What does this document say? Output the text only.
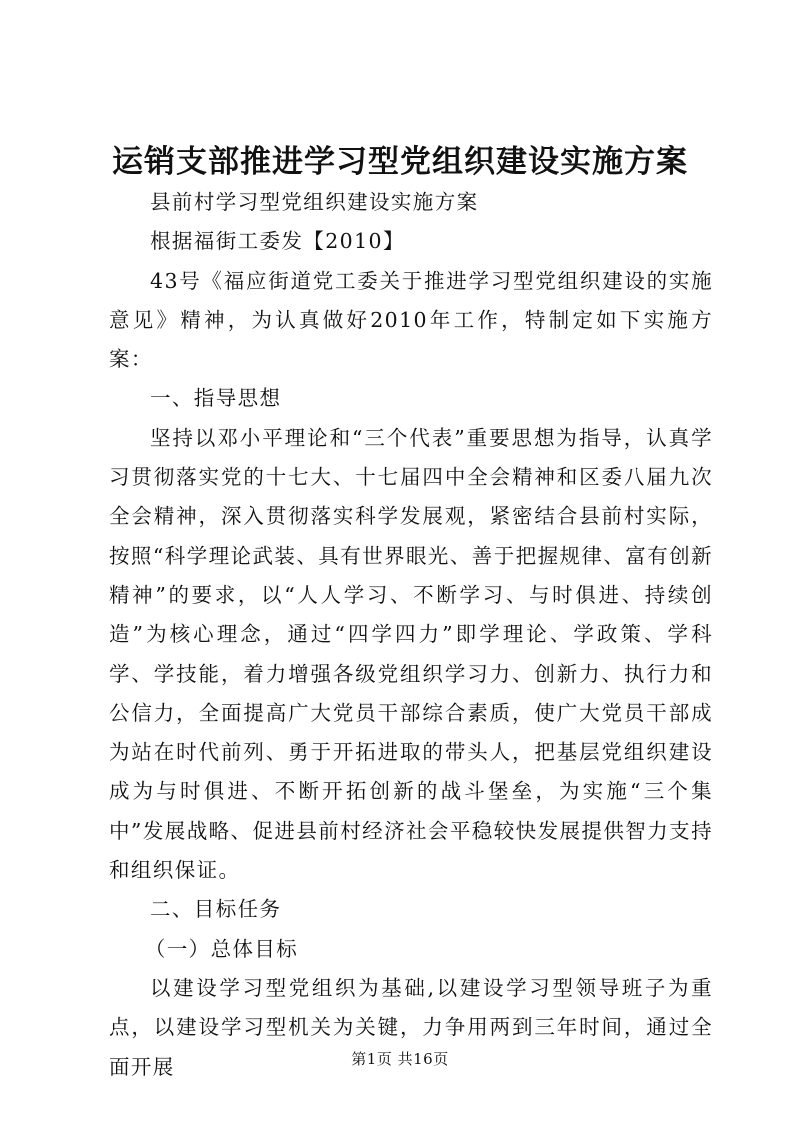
运销支部推进学习型党组织建设实施方案

县前村学习型党组织建设实施方案

根据福街工委发【2010】

43号《福应街道党工委关于推进学习型党组织建设的实施意见》精神，为认真做好2010年工作，特制定如下实施方案：

一、指导思想

坚持以邓小平理论和“三个代表”重要思想为指导，认真学习贯彻落实党的十七大、十七届四中全会精神和区委八届九次全会精神，深入贯彻落实科学发展观，紧密结合县前村实际，按照“科学理论武装、具有世界眼光、善于把握规律、富有创新精神”的要求，以“人人学习、不断学习、与时俱进、持续创造”为核心理念，通过“四学四力”即学理论、学政策、学科学、学技能，着力增强各级党组织学习力、创新力、执行力和公信力，全面提高广大党员干部综合素质，使广大党员干部成为站在时代前列、勇于开拓进取的带头人，把基层党组织建设成为与时俱进、不断开拓创新的战斗堡垒，为实施“三个集中”发展战略、促进县前村经济社会平稳较快发展提供智力支持和组织保证。

二、目标任务

（一）总体目标

以建设学习型党组织为基础,以建设学习型领导班子为重点，以建设学习型机关为关键，力争用两到三年时间，通过全面开展	第1页 共16页
